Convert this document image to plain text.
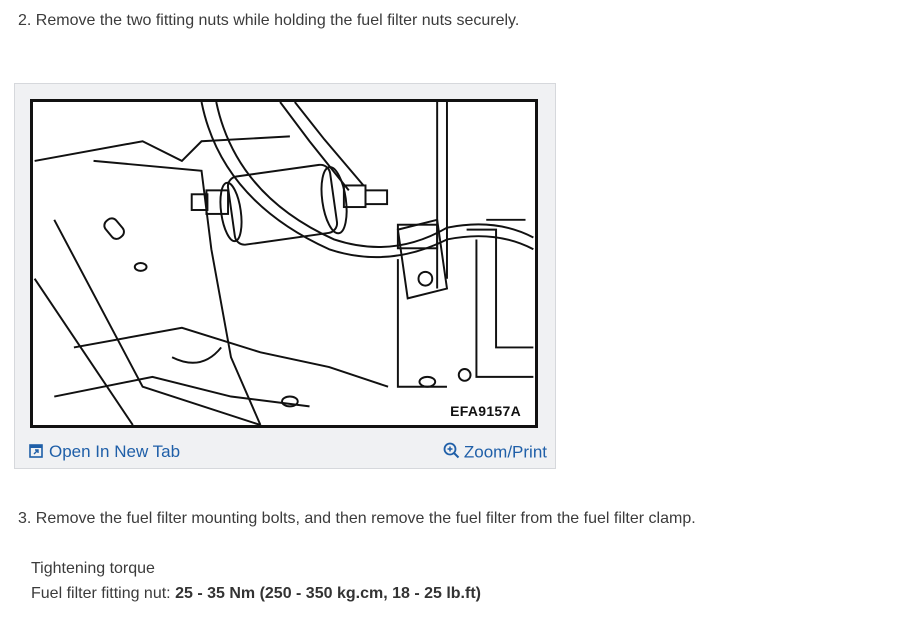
2. Remove the two fitting nuts while holding the fuel filter nuts securely.
EFA9157A
Open In New Tab	Zoom/Print
3. Remove the fuel filter mounting bolts, and then remove the fuel filter from the fuel filter clamp.
Tightening torque
Fuel filter fitting nut: 25 - 35 Nm (250 - 350 kg.cm, 18 - 25 lb.ft)
